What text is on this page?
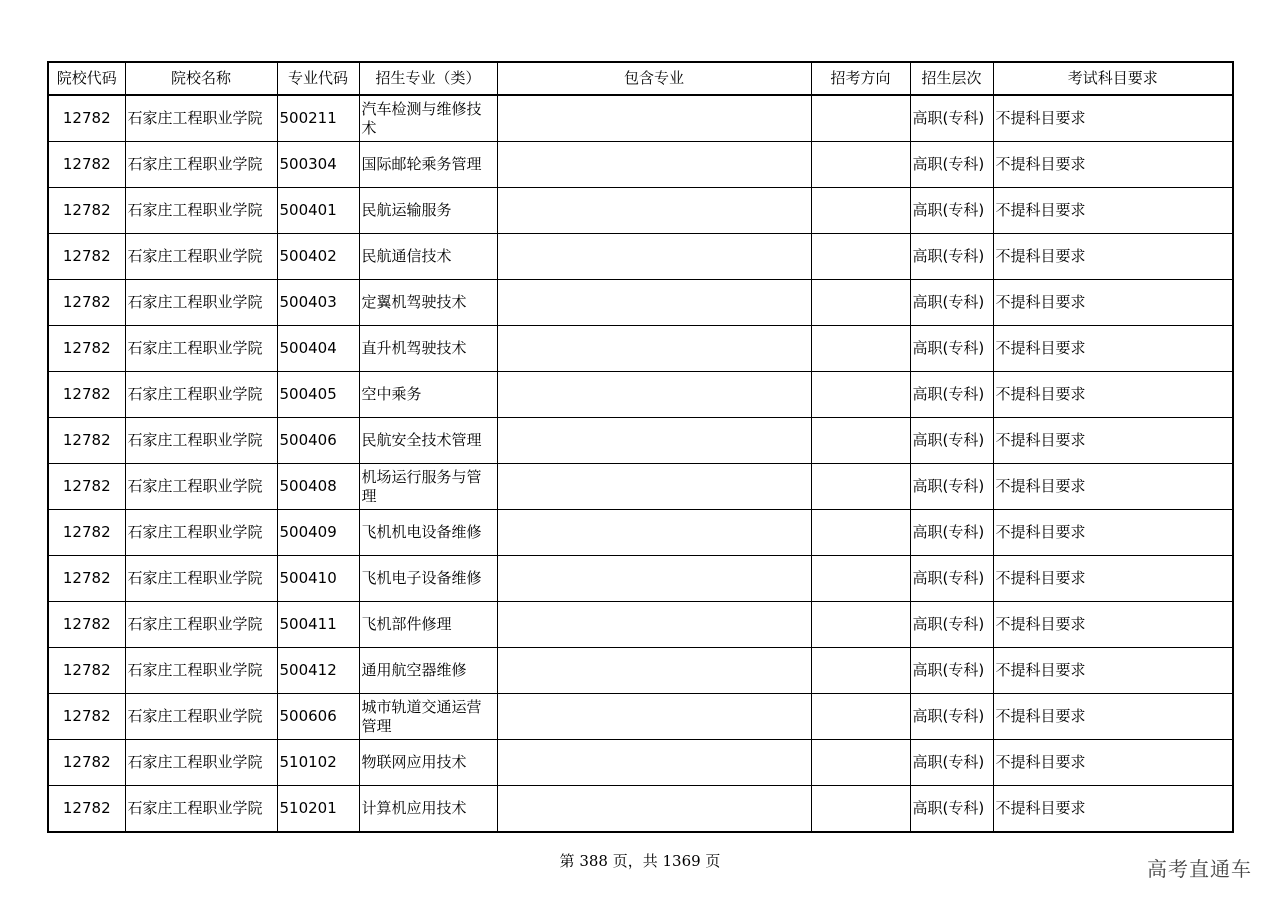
院校代码	院校名称	专业代码	招生专业（类）	包含专业	招考方向	招生层次	考试科目要求
12782	石家庄工程职业学院	500211	汽车检测与维修技术			高职(专科)	不提科目要求
12782	石家庄工程职业学院	500304	国际邮轮乘务管理			高职(专科)	不提科目要求
12782	石家庄工程职业学院	500401	民航运输服务			高职(专科)	不提科目要求
12782	石家庄工程职业学院	500402	民航通信技术			高职(专科)	不提科目要求
12782	石家庄工程职业学院	500403	定翼机驾驶技术			高职(专科)	不提科目要求
12782	石家庄工程职业学院	500404	直升机驾驶技术			高职(专科)	不提科目要求
12782	石家庄工程职业学院	500405	空中乘务			高职(专科)	不提科目要求
12782	石家庄工程职业学院	500406	民航安全技术管理			高职(专科)	不提科目要求
12782	石家庄工程职业学院	500408	机场运行服务与管理			高职(专科)	不提科目要求
12782	石家庄工程职业学院	500409	飞机机电设备维修			高职(专科)	不提科目要求
12782	石家庄工程职业学院	500410	飞机电子设备维修			高职(专科)	不提科目要求
12782	石家庄工程职业学院	500411	飞机部件修理			高职(专科)	不提科目要求
12782	石家庄工程职业学院	500412	通用航空器维修			高职(专科)	不提科目要求
12782	石家庄工程职业学院	500606	城市轨道交通运营管理			高职(专科)	不提科目要求
12782	石家庄工程职业学院	510102	物联网应用技术			高职(专科)	不提科目要求
12782	石家庄工程职业学院	510201	计算机应用技术			高职(专科)	不提科目要求
第 388 页，共 1369 页	高考直通车
